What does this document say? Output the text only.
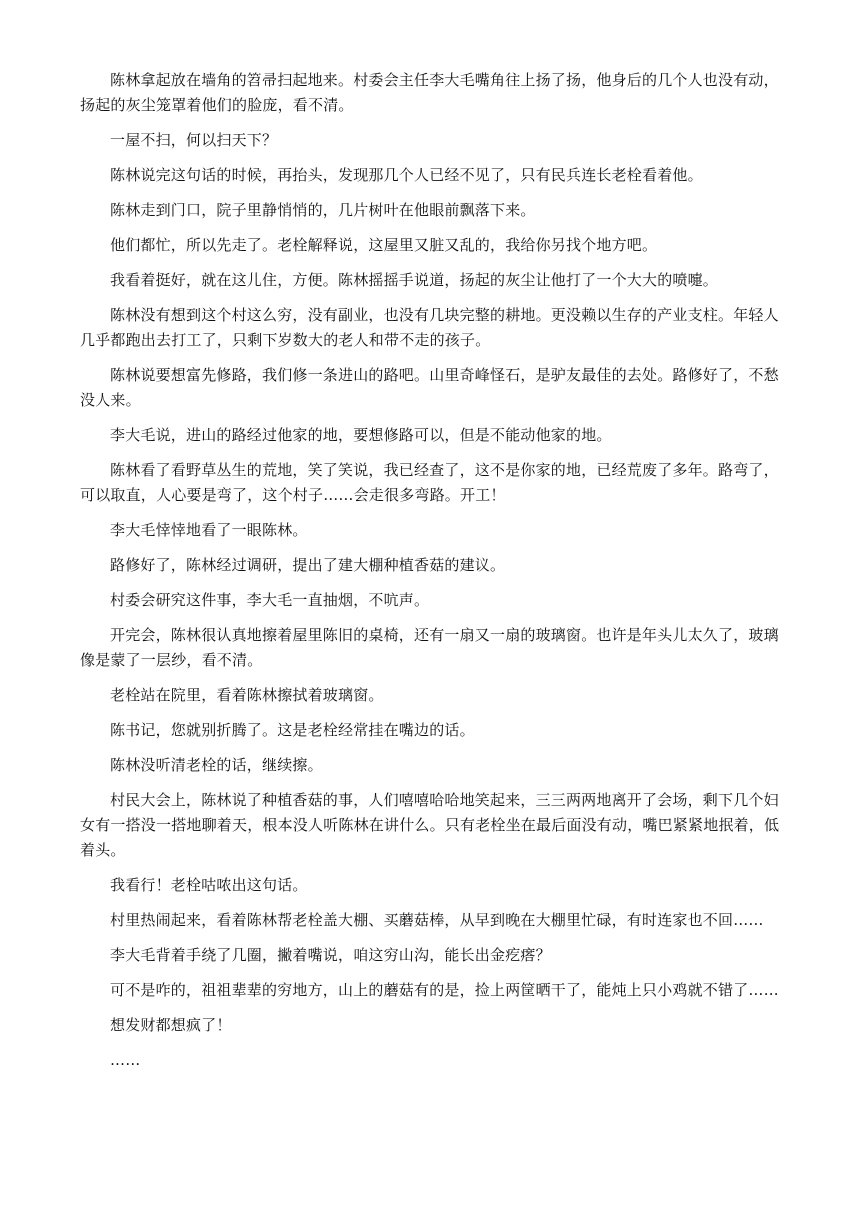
陈林拿起放在墙角的笤帚扫起地来。村委会主任李大毛嘴角往上扬了扬，他身后的几个人也没有动，扬起的灰尘笼罩着他们的脸庞，看不清。

一屋不扫，何以扫天下？

陈林说完这句话的时候，再抬头，发现那几个人已经不见了，只有民兵连长老栓看着他。

陈林走到门口，院子里静悄悄的，几片树叶在他眼前飘落下来。

他们都忙，所以先走了。老栓解释说，这屋里又脏又乱的，我给你另找个地方吧。

我看着挺好，就在这儿住，方便。陈林摇摇手说道，扬起的灰尘让他打了一个大大的喷嚏。

陈林没有想到这个村这么穷，没有副业，也没有几块完整的耕地。更没赖以生存的产业支柱。年轻人几乎都跑出去打工了，只剩下岁数大的老人和带不走的孩子。

陈林说要想富先修路，我们修一条进山的路吧。山里奇峰怪石，是驴友最佳的去处。路修好了，不愁没人来。

李大毛说，进山的路经过他家的地，要想修路可以，但是不能动他家的地。

陈林看了看野草丛生的荒地，笑了笑说，我已经查了，这不是你家的地，已经荒废了多年。路弯了，可以取直，人心要是弯了，这个村子……会走很多弯路。开工！

李大毛悻悻地看了一眼陈林。

路修好了，陈林经过调研，提出了建大棚种植香菇的建议。

村委会研究这件事，李大毛一直抽烟，不吭声。

开完会，陈林很认真地擦着屋里陈旧的桌椅，还有一扇又一扇的玻璃窗。也许是年头儿太久了，玻璃像是蒙了一层纱，看不清。

老栓站在院里，看着陈林擦拭着玻璃窗。

陈书记，您就别折腾了。这是老栓经常挂在嘴边的话。

陈林没听清老栓的话，继续擦。

村民大会上，陈林说了种植香菇的事，人们嘻嘻哈哈地笑起来，三三两两地离开了会场，剩下几个妇女有一搭没一搭地聊着天，根本没人听陈林在讲什么。只有老栓坐在最后面没有动，嘴巴紧紧地抿着，低着头。

我看行！老栓咕哝出这句话。

村里热闹起来，看着陈林帮老栓盖大棚、买蘑菇棒，从早到晚在大棚里忙碌，有时连家也不回……

李大毛背着手绕了几圈，撇着嘴说，咱这穷山沟，能长出金疙瘩？

可不是咋的，祖祖辈辈的穷地方，山上的蘑菇有的是，捡上两筐晒干了，能炖上只小鸡就不错了……

想发财都想疯了！

……
